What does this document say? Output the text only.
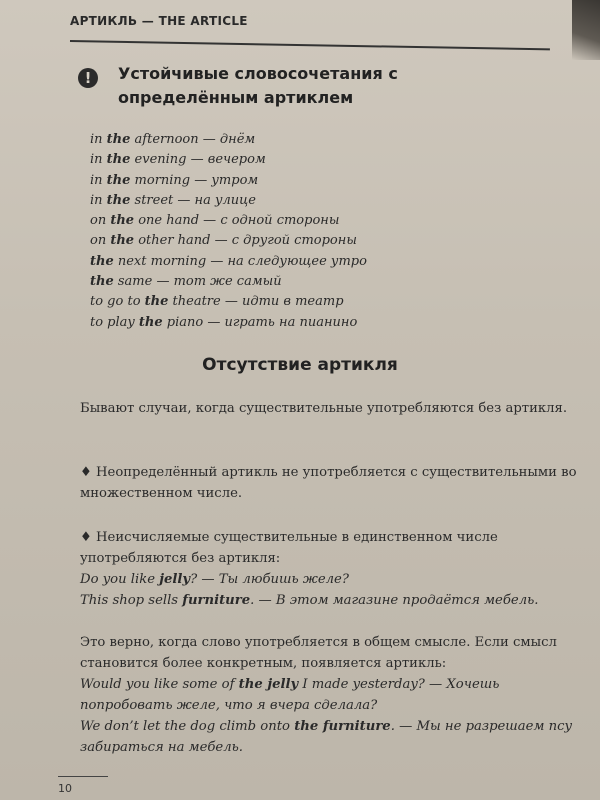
АРТИКЛЬ — THE ARTICLE
!	Устойчивые словосочетания с определённым артиклем
in the afternoon — днём
in the evening — вечером
in the morning — утром
in the street — на улице
on the one hand — с одной стороны
on the other hand — с другой стороны
the next morning — на следующее утро
the same — тот же самый
to go to the theatre — идти в театр
to play the piano — играть на пианино
Отсутствие артикля
Бывают случаи, когда существительные употребляются без артикля.
♦ Неопределённый артикль не употребляется с существительными во множественном числе.
♦ Неисчисляемые существительные в единственном числе употребляются без артикля:
Do you like jelly? — Ты любишь желе?
This shop sells furniture. — В этом магазине продаётся мебель.
Это верно, когда слово употребляется в общем смысле. Если смысл становится более конкретным, появляется артикль:
Would you like some of the jelly I made yesterday? — Хочешь попробовать желе, что я вчера сделала?
We don’t let the dog climb onto the furniture. — Мы не разрешаем псу забираться на мебель.
10
